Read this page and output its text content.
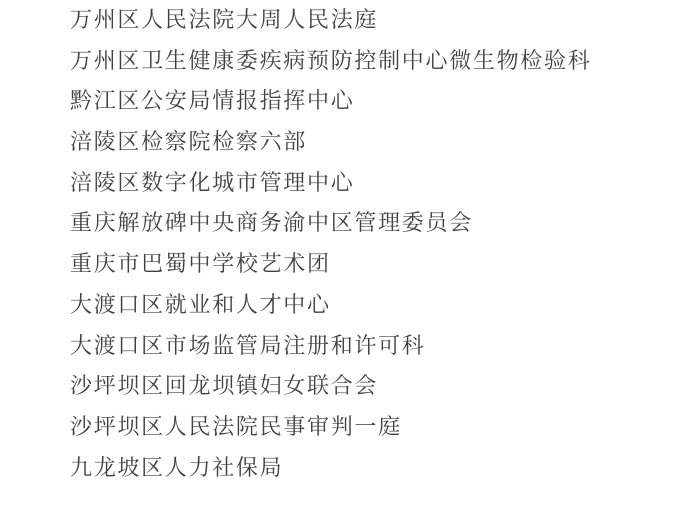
万州区人民法院大周人民法庭
万州区卫生健康委疾病预防控制中心微生物检验科
黔江区公安局情报指挥中心
涪陵区检察院检察六部
涪陵区数字化城市管理中心
重庆解放碑中央商务渝中区管理委员会
重庆市巴蜀中学校艺术团
大渡口区就业和人才中心
大渡口区市场监管局注册和许可科
沙坪坝区回龙坝镇妇女联合会
沙坪坝区人民法院民事审判一庭
九龙坡区人力社保局
